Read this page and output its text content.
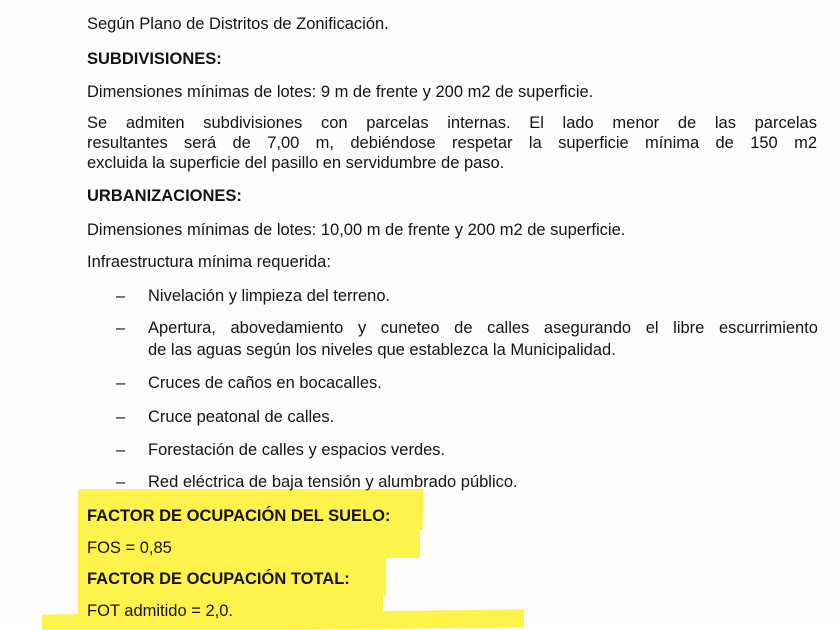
Según Plano de Distritos de Zonificación.
SUBDIVISIONES:
Dimensiones mínimas de lotes: 9 m de frente y 200 m2 de superficie.
Se admiten subdivisiones con parcelas internas. El lado menor de las parcelas
resultantes será de 7,00 m, debiéndose respetar la superficie mínima de 150 m2
excluida la superficie del pasillo en servidumbre de paso.
URBANIZACIONES:
Dimensiones mínimas de lotes: 10,00 m de frente y 200 m2 de superficie.
Infraestructura mínima requerida:
– Nivelación y limpieza del terreno.
– Apertura, abovedamiento y cuneteo de calles asegurando el libre escurrimiento
de las aguas según los niveles que establezca la Municipalidad.
– Cruces de caños en bocacalles.
– Cruce peatonal de calles.
– Forestación de calles y espacios verdes.
– Red eléctrica de baja tensión y alumbrado público.
FACTOR DE OCUPACIÓN DEL SUELO:
FOS = 0,85
FACTOR DE OCUPACIÓN TOTAL:
FOT admitido = 2,0.
